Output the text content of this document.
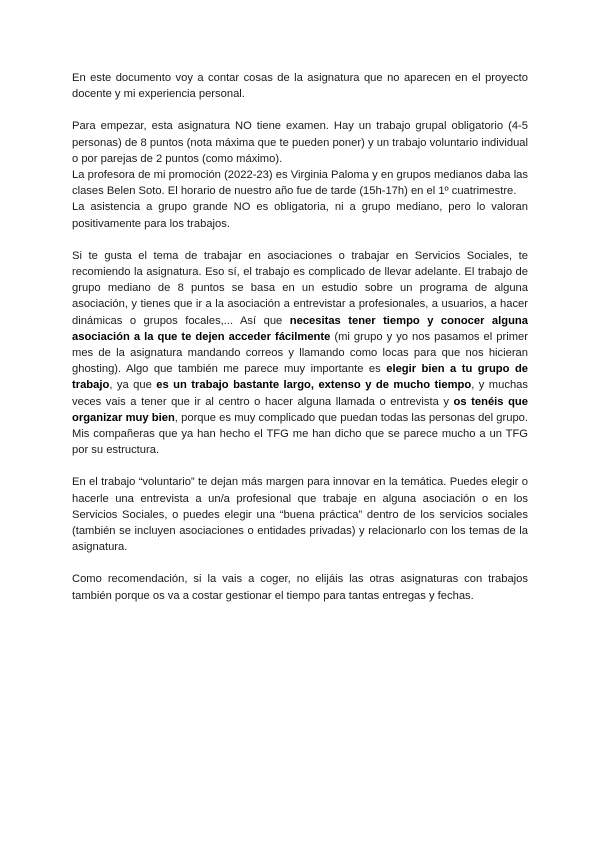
En este documento voy a contar cosas de la asignatura que no aparecen en el proyecto docente y mi experiencia personal.

Para empezar, esta asignatura NO tiene examen. Hay un trabajo grupal obligatorio (4-5 personas) de 8 puntos (nota máxima que te pueden poner) y un trabajo voluntario individual o por parejas de 2 puntos (como máximo).

La profesora de mi promoción (2022-23) es Virginia Paloma y en grupos medianos daba las clases Belen Soto. El horario de nuestro año fue de tarde (15h-17h) en el 1º cuatrimestre.

La asistencia a grupo grande NO es obligatoria, ni a grupo mediano, pero lo valoran positivamente para los trabajos.

Si te gusta el tema de trabajar en asociaciones o trabajar en Servicios Sociales, te recomiendo la asignatura. Eso sí, el trabajo es complicado de llevar adelante. El trabajo de grupo mediano de 8 puntos se basa en un estudio sobre un programa de alguna asociación, y tienes que ir a la asociación a entrevistar a profesionales, a usuarios, a hacer dinámicas o grupos focales,... Así que necesitas tener tiempo y conocer alguna asociación a la que te dejen acceder fácilmente (mi grupo y yo nos pasamos el primer mes de la asignatura mandando correos y llamando como locas para que nos hicieran ghosting). Algo que también me parece muy importante es elegir bien a tu grupo de trabajo, ya que es un trabajo bastante largo, extenso y de mucho tiempo, y muchas veces vais a tener que ir al centro o hacer alguna llamada o entrevista y os tenéis que organizar muy bien, porque es muy complicado que puedan todas las personas del grupo. Mis compañeras que ya han hecho el TFG me han dicho que se parece mucho a un TFG por su estructura.

En el trabajo “voluntario” te dejan más margen para innovar en la temática. Puedes elegir o hacerle una entrevista a un/a profesional que trabaje en alguna asociación o en los Servicios Sociales, o puedes elegir una “buena práctica” dentro de los servicios sociales (también se incluyen asociaciones o entidades privadas) y relacionarlo con los temas de la asignatura.

Como recomendación, si la vais a coger, no elijáis las otras asignaturas con trabajos también porque os va a costar gestionar el tiempo para tantas entregas y fechas.
